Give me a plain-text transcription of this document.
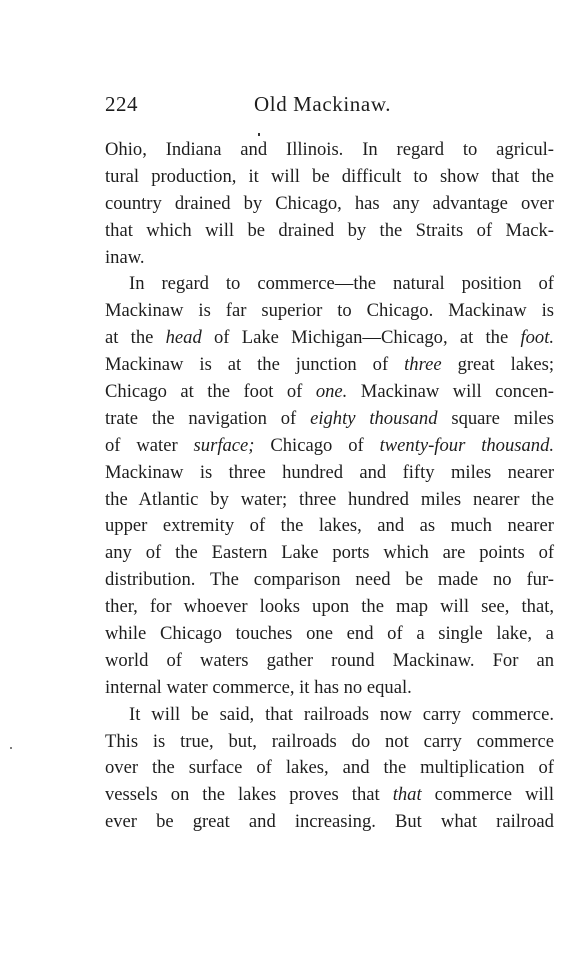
224	Old Mackinaw.
Ohio, Indiana and Illinois. In regard to agricul-
tural production, it will be difficult to show that the
country drained by Chicago, has any advantage over
that which will be drained by the Straits of Mack-
inaw.
In regard to commerce—the natural position of
Mackinaw is far superior to Chicago. Mackinaw is
at the head of Lake Michigan—Chicago, at the foot.
Mackinaw is at the junction of three great lakes;
Chicago at the foot of one. Mackinaw will concen-
trate the navigation of eighty thousand square miles
of water surface; Chicago of twenty-four thousand.
Mackinaw is three hundred and fifty miles nearer
the Atlantic by water; three hundred miles nearer the
upper extremity of the lakes, and as much nearer
any of the Eastern Lake ports which are points of
distribution. The comparison need be made no fur-
ther, for whoever looks upon the map will see, that,
while Chicago touches one end of a single lake, a
world of waters gather round Mackinaw. For an
internal water commerce, it has no equal.
It will be said, that railroads now carry commerce.
This is true, but, railroads do not carry commerce
over the surface of lakes, and the multiplication of
vessels on the lakes proves that that commerce will
ever be great and increasing. But what railroad
